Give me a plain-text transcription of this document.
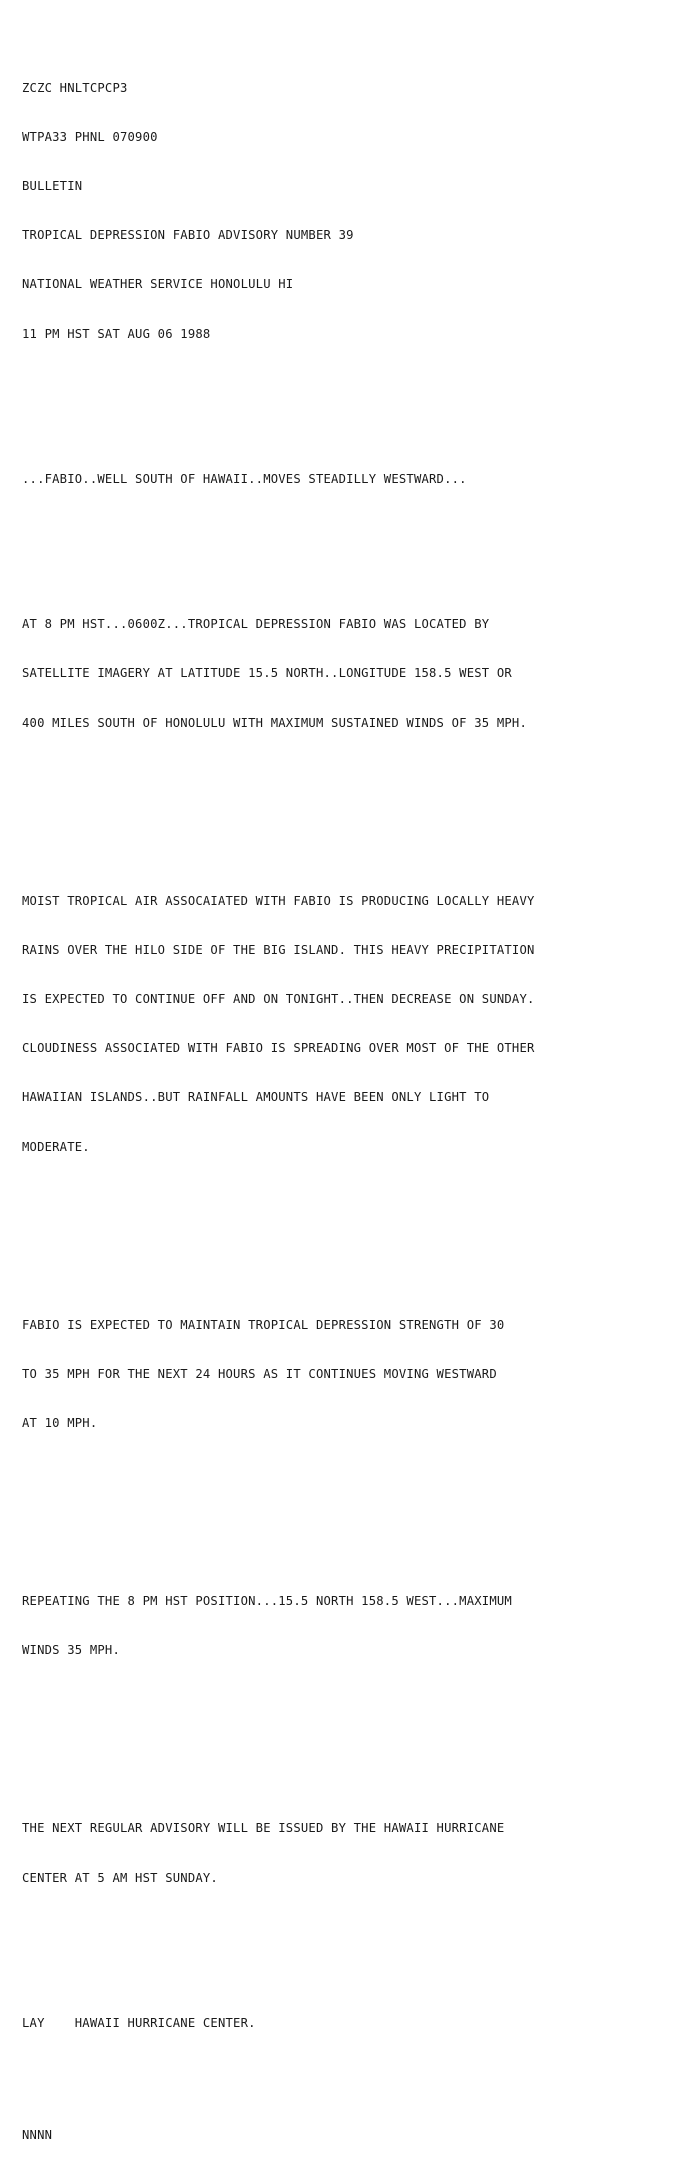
ZCZC HNLTCPCP3

WTPA33 PHNL 070900

BULLETIN

TROPICAL DEPRESSION FABIO ADVISORY NUMBER 39

NATIONAL WEATHER SERVICE HONOLULU HI

11 PM HST SAT AUG 06 1988

...FABIO..WELL SOUTH OF HAWAII..MOVES STEADILLY WESTWARD...

AT 8 PM HST...0600Z...TROPICAL DEPRESSION FABIO WAS LOCATED BY

SATELLITE IMAGERY AT LATITUDE 15.5 NORTH..LONGITUDE 158.5 WEST OR

400 MILES SOUTH OF HONOLULU WITH MAXIMUM SUSTAINED WINDS OF 35 MPH.

MOIST TROPICAL AIR ASSOCAIATED WITH FABIO IS PRODUCING LOCALLY HEAVY

RAINS OVER THE HILO SIDE OF THE BIG ISLAND. THIS HEAVY PRECIPITATION

IS EXPECTED TO CONTINUE OFF AND ON TONIGHT..THEN DECREASE ON SUNDAY.

CLOUDINESS ASSOCIATED WITH FABIO IS SPREADING OVER MOST OF THE OTHER

HAWAIIAN ISLANDS..BUT RAINFALL AMOUNTS HAVE BEEN ONLY LIGHT TO

MODERATE.

FABIO IS EXPECTED TO MAINTAIN TROPICAL DEPRESSION STRENGTH OF 30

TO 35 MPH FOR THE NEXT 24 HOURS AS IT CONTINUES MOVING WESTWARD

AT 10 MPH.

REPEATING THE 8 PM HST POSITION...15.5 NORTH 158.5 WEST...MAXIMUM

WINDS 35 MPH.

THE NEXT REGULAR ADVISORY WILL BE ISSUED BY THE HAWAII HURRICANE

CENTER AT 5 AM HST SUNDAY.

LAY    HAWAII HURRICANE CENTER.

NNNN
